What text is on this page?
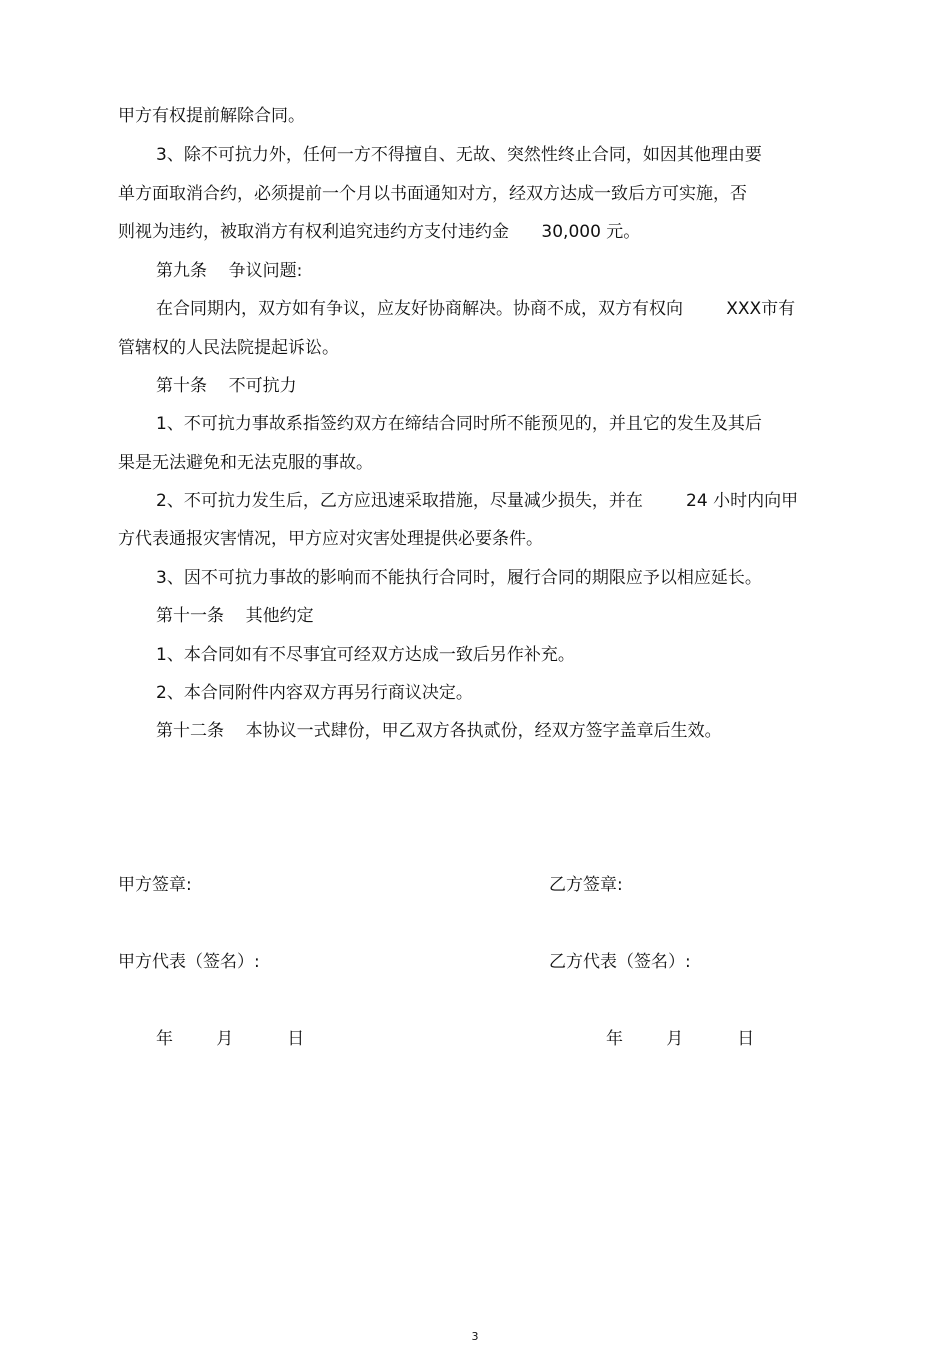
甲方有权提前解除合同。

3、除不可抗力外，任何一方不得擅自、无故、突然性终止合同，如因其他理由要

单方面取消合约，必须提前一个月以书面通知对方，经双方达成一致后方可实施，否

则视为违约，被取消方有权利追究违约方支付违约金      30,000 元。

第九条    争议问题:

在合同期内，双方如有争议，应友好协商解决。协商不成，双方有权向        XXX市有

管辖权的人民法院提起诉讼。

第十条    不可抗力

1、不可抗力事故系指签约双方在缔结合同时所不能预见的，并且它的发生及其后

果是无法避免和无法克服的事故。

2、不可抗力发生后，乙方应迅速采取措施，尽量减少损失，并在        24 小时内向甲

方代表通报灾害情况，甲方应对灾害处理提供必要条件。

3、因不可抗力事故的影响而不能执行合同时，履行合同的期限应予以相应延长。

第十一条    其他约定

1、本合同如有不尽事宜可经双方达成一致后另作补充。

2、本合同附件内容双方再另行商议决定。

第十二条    本协议一式肆份，甲乙双方各执贰份，经双方签字盖章后生效。

甲方签章:	乙方签章:
甲方代表（签名）:	乙方代表（签名）:
年        月          日	年        月          日
3
